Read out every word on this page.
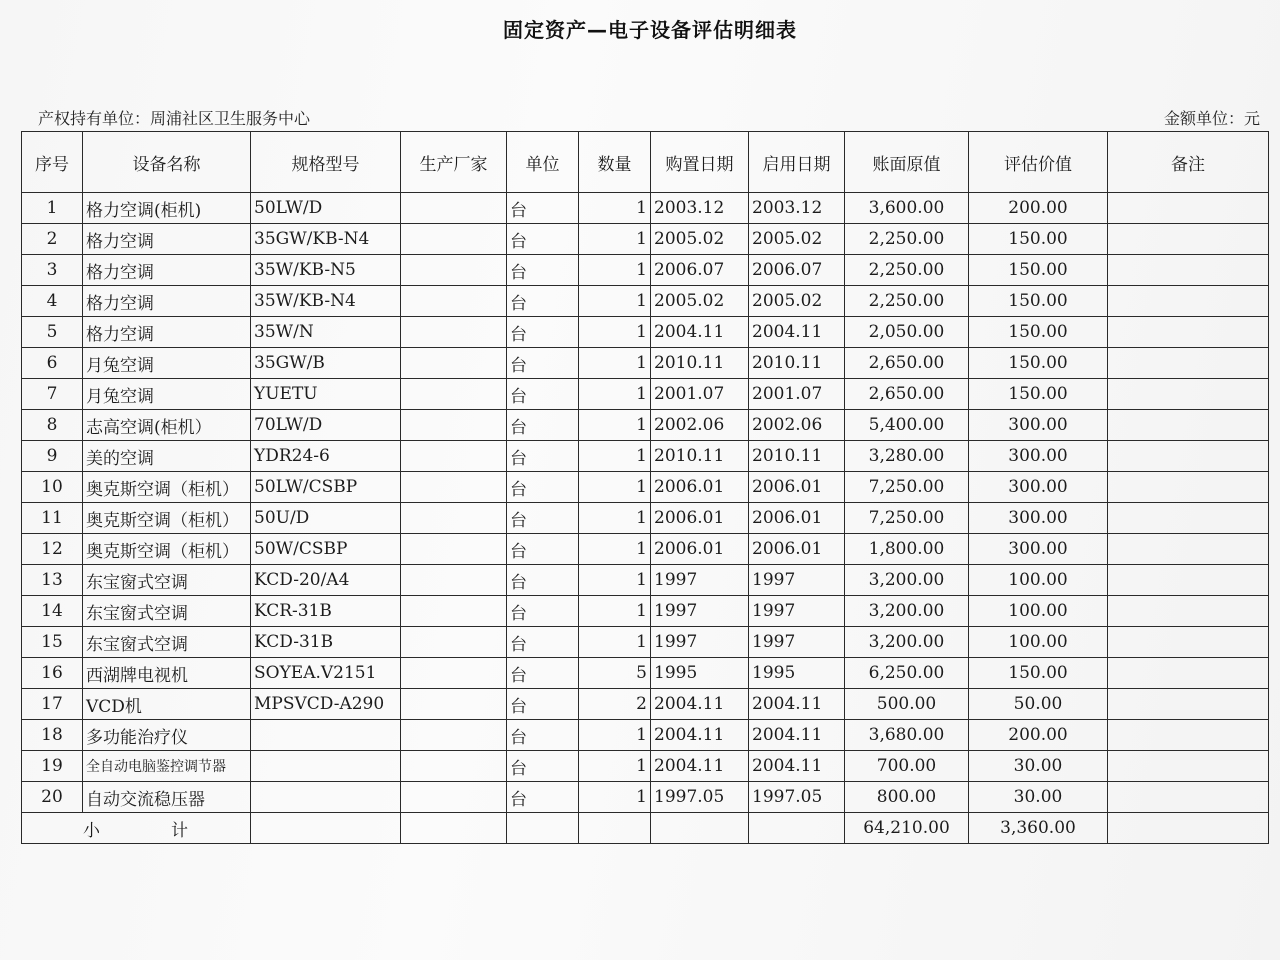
固定资产—电子设备评估明细表
产权持有单位：周浦社区卫生服务中心	金额单位：元
序号	设备名称	规格型号	生产厂家	单位	数量	购置日期	启用日期	账面原值	评估价值	备注
1	格力空调(柜机)	50LW/D		台	1	2003.12	2003.12	3,600.00	200.00	
2	格力空调	35GW/KB-N4		台	1	2005.02	2005.02	2,250.00	150.00	
3	格力空调	35W/KB-N5		台	1	2006.07	2006.07	2,250.00	150.00	
4	格力空调	35W/KB-N4		台	1	2005.02	2005.02	2,250.00	150.00	
5	格力空调	35W/N		台	1	2004.11	2004.11	2,050.00	150.00	
6	月兔空调	35GW/B		台	1	2010.11	2010.11	2,650.00	150.00	
7	月兔空调	YUETU		台	1	2001.07	2001.07	2,650.00	150.00	
8	志高空调(柜机）	70LW/D		台	1	2002.06	2002.06	5,400.00	300.00	
9	美的空调	YDR24-6		台	1	2010.11	2010.11	3,280.00	300.00	
10	奥克斯空调（柜机）	50LW/CSBP		台	1	2006.01	2006.01	7,250.00	300.00	
11	奥克斯空调（柜机）	50U/D		台	1	2006.01	2006.01	7,250.00	300.00	
12	奥克斯空调（柜机）	50W/CSBP		台	1	2006.01	2006.01	1,800.00	300.00	
13	东宝窗式空调	KCD-20/A4		台	1	1997	1997	3,200.00	100.00	
14	东宝窗式空调	KCR-31B		台	1	1997	1997	3,200.00	100.00	
15	东宝窗式空调	KCD-31B		台	1	1997	1997	3,200.00	100.00	
16	西湖牌电视机	SOYEA.V2151		台	5	1995	1995	6,250.00	150.00	
17	VCD机	MPSVCD-A290		台	2	2004.11	2004.11	500.00	50.00	
18	多功能治疗仪			台	1	2004.11	2004.11	3,680.00	200.00	
19	全自动电脑鉴控调节器			台	1	2004.11	2004.11	700.00	30.00	
20	自动交流稳压器			台	1	1997.05	1997.05	800.00	30.00	
小 计								64,210.00	3,360.00	
